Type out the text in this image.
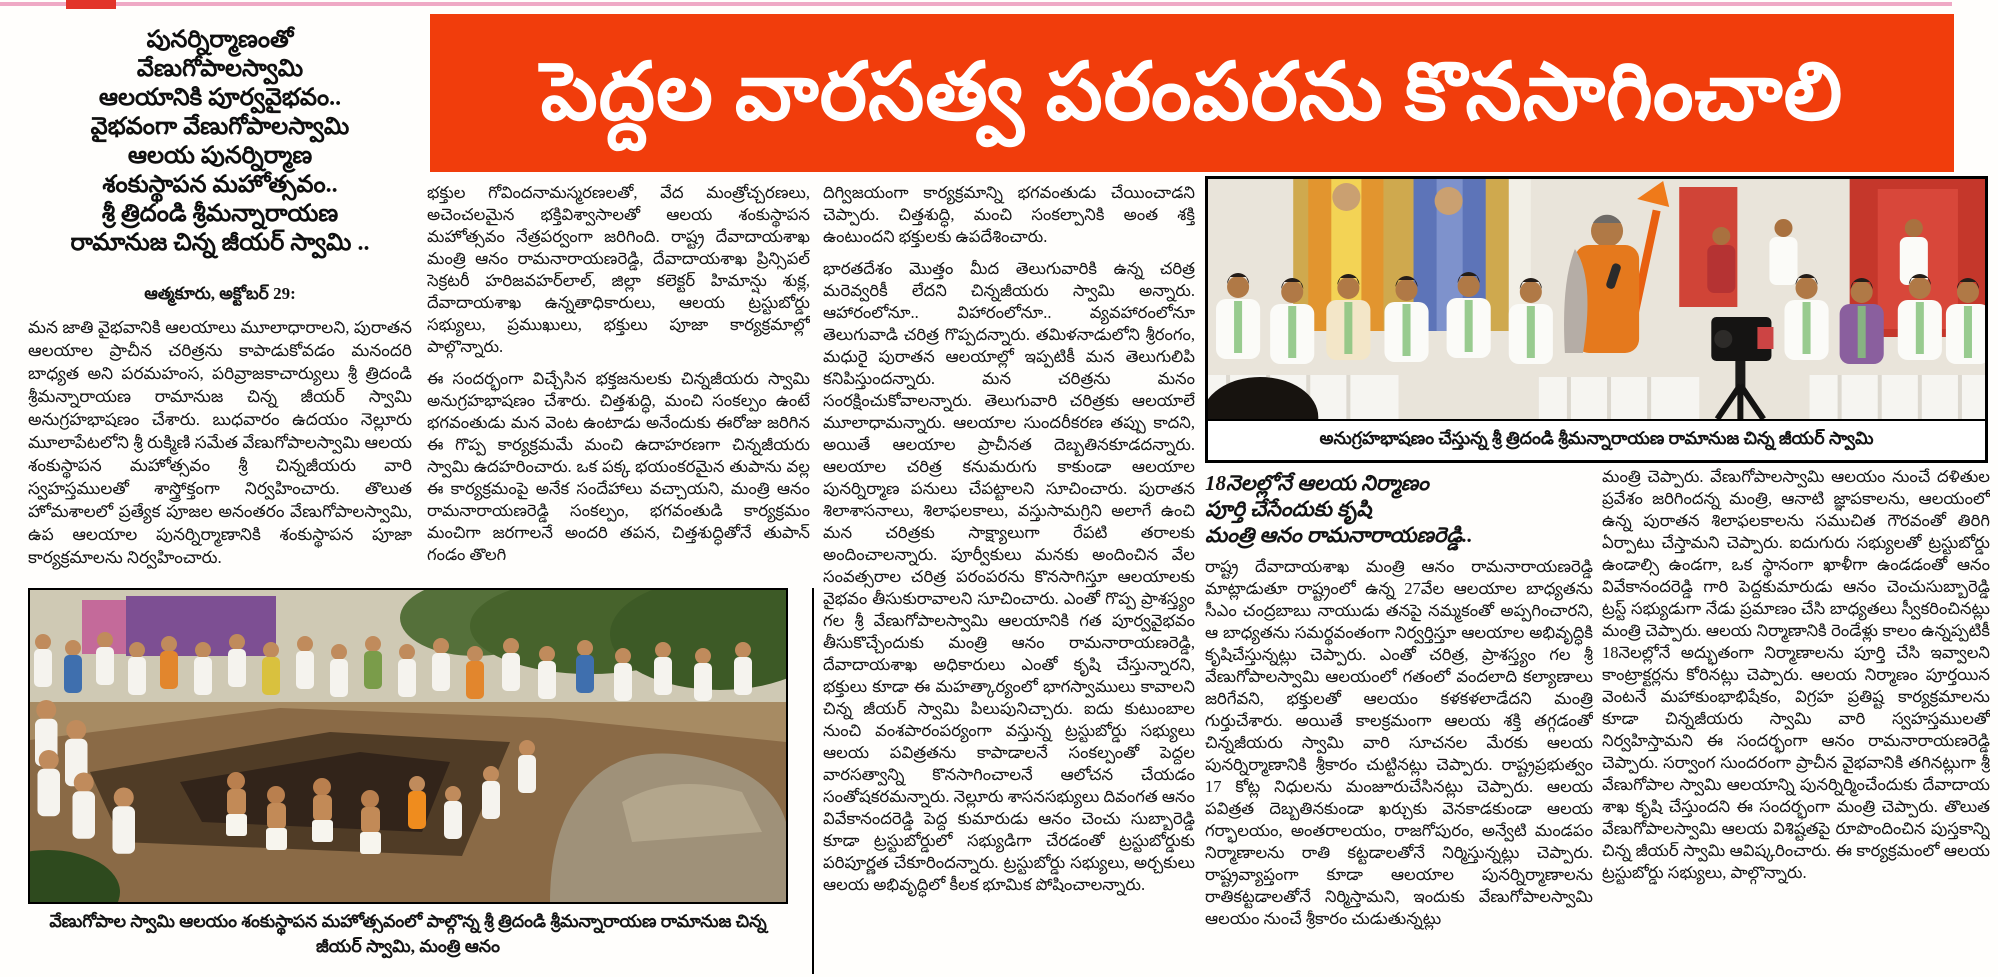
పెద్దల వారసత్వ పరంపరను కొనసాగించాలి
పునర్నిర్మాణంతో
వేణుగోపాలస్వామి
ఆలయానికి పూర్వవైభవం..
వైభవంగా వేణుగోపాలస్వామి
ఆలయ పునర్నిర్మాణ
శంకుస్థాపన మహోత్సవం..
శ్రీ త్రిదండి శ్రీమన్నారాయణ
రామానుజ చిన్న జీయర్ స్వామి ..
ఆత్మకూరు, అక్టోబర్ 29:
మన జాతి వైభవానికి ఆలయాలు మూలాధారాలని, పురాతన ఆలయాల ప్రాచీన చరిత్రను కాపాడుకోవడం మనందరి బాధ్యత అని పరమహంస, పరివ్రాజకాచార్యులు శ్రీ త్రిదండి శ్రీమన్నారాయణ రామానుజ చిన్న జీయర్ స్వామి అనుగ్రహభాషణం చేశారు. బుధవారం ఉదయం నెల్లూరు మూలాపేటలోని శ్రీ రుక్మిణి సమేత వేణుగోపాలస్వామి ఆలయ శంకుస్థాపన మహోత్సవం శ్రీ చిన్నజీయరు వారి స్వహస్తములతో శాస్త్రోక్తంగా నిర్వహించారు. తొలుత హోమశాలలో ప్రత్యేక పూజల అనంతరం వేణుగోపాలస్వామి, ఉప ఆలయాల పునర్నిర్మాణానికి శంకుస్థాపన పూజా కార్యక్రమాలను నిర్వహించారు.

భక్తుల గోవిందనామస్మరణలతో, వేద మంత్రోచ్చరణలు, అచెంచలమైన భక్తివిశ్వాసాలతో ఆలయ శంకుస్థాపన మహోత్సవం నేత్రపర్వంగా జరిగింది. రాష్ట్ర దేవాదాయశాఖ మంత్రి ఆనం రామనారాయణరెడ్డి, దేవాదాయశాఖ ప్రిన్సిపల్ సెక్రటరీ హరిజవహర్‌లాల్, జిల్లా కలెక్టర్ హిమాన్షు శుక్ల, దేవాదాయశాఖ ఉన్నతాధికారులు, ఆలయ ట్రస్టుబోర్డు సభ్యులు, ప్రముఖులు, భక్తులు పూజా కార్యక్రమాల్లో పాల్గొన్నారు.

ఈ సందర్భంగా విచ్చేసిన భక్తజనులకు చిన్నజీయరు స్వామి అనుగ్రహభాషణం చేశారు. చిత్తశుద్ధి, మంచి సంకల్పం ఉంటే భగవంతుడు మన వెంట ఉంటాడు అనేందుకు ఈరోజు జరిగిన ఈ గొప్ప కార్యక్రమమే మంచి ఉదాహరణగా చిన్నజీయరు స్వామి ఉదహరించారు. ఒక పక్క భయంకరమైన తుపాను వల్ల ఈ కార్యక్రమంపై అనేక సందేహాలు వచ్చాయని, మంత్రి ఆనం రామనారాయణరెడ్డి సంకల్పం, భగవంతుడి కార్యక్రమం మంచిగా జరగాలనే అందరి తపన, చిత్తశుద్ధితోనే తుపాన్ గండం తొలగి

దిగ్విజయంగా కార్యక్రమాన్ని భగవంతుడు చేయించాడని చెప్పారు. చిత్తశుద్ధి, మంచి సంకల్పానికి అంత శక్తి ఉంటుందని భక్తులకు ఉపదేశించారు.

భారతదేశం మొత్తం మీద తెలుగువారికి ఉన్న చరిత్ర మరెవ్వరికీ లేదని చిన్నజీయరు స్వామి అన్నారు. ఆహారంలోనూ.. విహారంలోనూ.. వ్యవహారంలోనూ తెలుగువాడి చరిత్ర గొప్పదన్నారు. తమిళనాడులోని శ్రీరంగం, మధురై పురాతన ఆలయాల్లో ఇప్పటికీ మన తెలుగులిపి కనిపిస్తుందన్నారు. మన చరిత్రను మనం సంరక్షించుకోవాలన్నారు. తెలుగువారి చరిత్రకు ఆలయాలే మూలాధామన్నారు. ఆలయాల సుందరీకరణ తప్పు కాదని, అయితే ఆలయాల ప్రాచీనత దెబ్బతినకూడదన్నారు. ఆలయాల చరిత్ర కనుమరుగు కాకుండా ఆలయాల పునర్నిర్మాణ పనులు చేపట్టాలని సూచించారు. పురాతన శిలాశాసనాలు, శిలాఫలకాలు, వస్తుసామగ్రిని అలాగే ఉంచి మన చరిత్రకు సాక్ష్యాలుగా రేపటి తరాలకు అందించాలన్నారు. పూర్వీకులు మనకు అందించిన వేల సంవత్సరాల చరిత్ర పరంపరను కొనసాగిస్తూ ఆలయాలకు వైభవం తీసుకురావాలని సూచించారు. ఎంతో గొప్ప ప్రాశస్త్యం గల శ్రీ వేణుగోపాలస్వామి ఆలయానికి గత పూర్వవైభవం తీసుకొచ్చేందుకు మంత్రి ఆనం రామనారాయణరెడ్డి, దేవాదాయశాఖ అధికారులు ఎంతో కృషి చేస్తున్నారని, భక్తులు కూడా ఈ మహత్కార్యంలో భాగస్వాములు కావాలని చిన్న జీయర్ స్వామి పిలుపునిచ్చారు. ఐదు కుటుంబాల నుంచి వంశపారంపర్యంగా వస్తున్న ట్రస్టుబోర్డు సభ్యులు ఆలయ పవిత్రతను కాపాడాలనే సంకల్పంతో పెద్దల వారసత్వాన్ని కొనసాగించాలనే ఆలోచన చేయడం సంతోషకరమన్నారు. నెల్లూరు శాసనసభ్యులు దివంగత ఆనం వివేకానందరెడ్డి పెద్ద కుమారుడు ఆనం చెంచు సుబ్బారెడ్డి కూడా ట్రస్టుబోర్డులో సభ్యుడిగా చేరడంతో ట్రస్టుబోర్డుకు పరిపూర్ణత చేకూరిందన్నారు. ట్రస్టుబోర్డు సభ్యులు, అర్చకులు ఆలయ అభివృద్ధిలో కీలక భూమిక పోషించాలన్నారు.

అనుగ్రహభాషణం చేస్తున్న శ్రీ త్రిదండి శ్రీమన్నారాయణ రామానుజ చిన్న జీయర్ స్వామి
18నెలల్లోనే ఆలయ నిర్మాణం
పూర్తి చేసేందుకు కృషి
మంత్రి ఆనం రామనారాయణరెడ్డి..

రాష్ట్ర దేవాదాయశాఖ మంత్రి ఆనం రామనారాయణరెడ్డి మాట్లాడుతూ రాష్ట్రంలో ఉన్న 27వేల ఆలయాల బాధ్యతను సీఎం చంద్రబాబు నాయుడు తనపై నమ్మకంతో అప్పగించారని, ఆ బాధ్యతను సమర్థవంతంగా నిర్వర్తిస్తూ ఆలయాల అభివృద్ధికి కృషిచేస్తున్నట్లు చెప్పారు. ఎంతో చరిత్ర, ప్రాశస్త్యం గల శ్రీ వేణుగోపాలస్వామి ఆలయంలో గతంలో వందలాది కల్యాణాలు జరిగేవని, భక్తులతో ఆలయం కళకళలాడేదని మంత్రి గుర్తుచేశారు. అయితే కాలక్రమంగా ఆలయ శక్తి తగ్గడంతో చిన్నజీయరు స్వామి వారి సూచనల మేరకు ఆలయ పునర్నిర్మాణానికి శ్రీకారం చుట్టినట్లు చెప్పారు. రాష్ట్రప్రభుత్వం 17 కోట్ల నిధులను మంజూరుచేసినట్లు చెప్పారు. ఆలయ పవిత్రత దెబ్బతినకుండా ఖర్చుకు వెనకాడకుండా ఆలయ గర్భాలయం, అంతరాలయం, రాజగోపురం, అన్వేటి మండపం నిర్మాణాలను రాతి కట్టడాలతోనే నిర్మిస్తున్నట్లు చెప్పారు. రాష్ట్రవ్యాప్తంగా కూడా ఆలయాల పునర్నిర్మాణాలను రాతికట్టడాలతోనే నిర్మిస్తామని, ఇందుకు వేణుగోపాలస్వామి ఆలయం నుంచే శ్రీకారం చుడుతున్నట్లు

మంత్రి చెప్పారు. వేణుగోపాలస్వామి ఆలయం నుంచే దళితుల ప్రవేశం జరిగిందన్న మంత్రి, ఆనాటి జ్ఞాపకాలను, ఆలయంలో ఉన్న పురాతన శిలాఫలకాలను సముచిత గౌరవంతో తిరిగి ఏర్పాటు చేస్తామని చెప్పారు. ఐదుగురు సభ్యులతో ట్రస్టుబోర్డు ఉండాల్సి ఉండగా, ఒక స్థానంగా ఖాళీగా ఉండడంతో ఆనం వివేకానందరెడ్డి గారి పెద్దకుమారుడు ఆనం చెంచుసుబ్బారెడ్డి ట్రస్ట్ సభ్యుడుగా నేడు ప్రమాణం చేసి బాధ్యతలు స్వీకరించినట్లు మంత్రి చెప్పారు. ఆలయ నిర్మాణానికి రెండేళ్లు కాలం ఉన్నప్పటికీ 18నెలల్లోనే అద్భుతంగా నిర్మాణాలను పూర్తి చేసి ఇవ్వాలని కాంట్రాక్టర్లను కోరినట్లు చెప్పారు. ఆలయ నిర్మాణం పూర్తయిన వెంటనే మహాకుంభాభిషేకం, విగ్రహ ప్రతిష్ట కార్యక్రమాలను కూడా చిన్నజీయరు స్వామి వారి స్వహస్తములతో నిర్వహిస్తామని ఈ సందర్భంగా ఆనం రామనారాయణరెడ్డి చెప్పారు. సర్వాంగ సుందరంగా ప్రాచీన వైభవానికి తగినట్లుగా శ్రీ వేణుగోపాల స్వామి ఆలయాన్ని పునర్నిర్మించేందుకు దేవాదాయ శాఖ కృషి చేస్తుందని ఈ సందర్భంగా మంత్రి చెప్పారు. తొలుత వేణుగోపాలస్వామి ఆలయ విశిష్టతపై రూపొందించిన పుస్తకాన్ని చిన్న జీయర్ స్వామి ఆవిష్కరించారు. ఈ కార్యక్రమంలో ఆలయ ట్రస్టుబోర్డు సభ్యులు, పాల్గొన్నారు.

వేణుగోపాల స్వామి ఆలయం శంకుస్థాపన మహోత్సవంలో పాల్గొన్న శ్రీ త్రిదండి శ్రీమన్నారాయణ రామానుజ చిన్న జీయర్ స్వామి, మంత్రి ఆనం
